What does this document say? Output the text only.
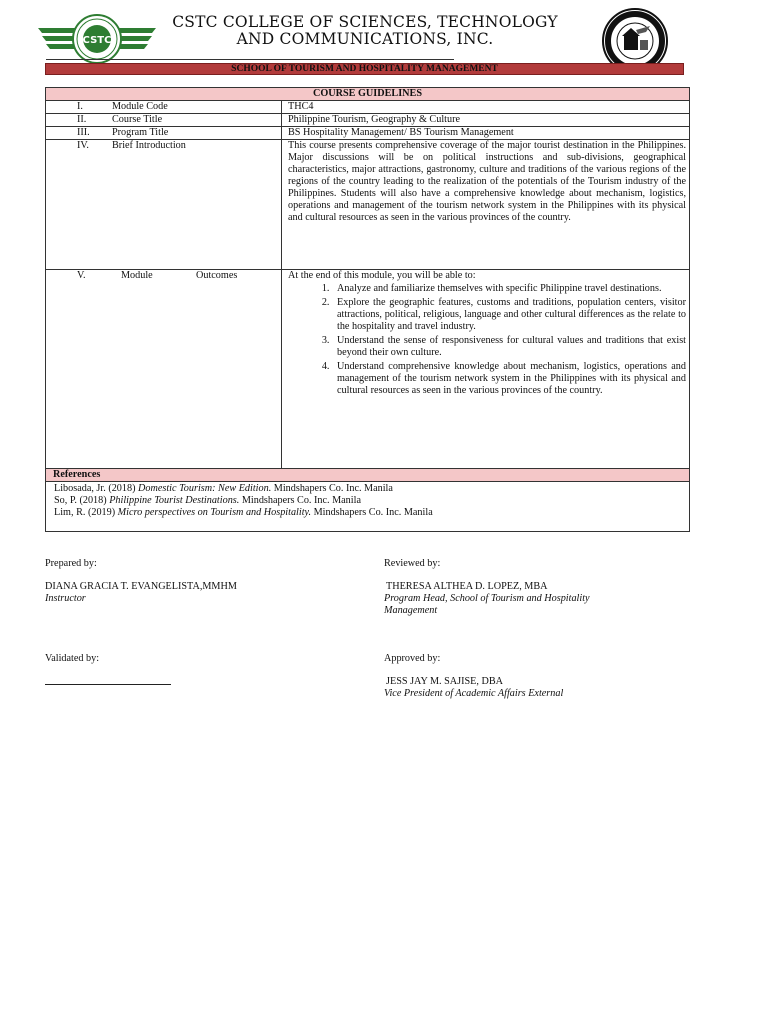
CSTC
CSTC COLLEGE OF SCIENCES, TECHNOLOGY
AND COMMUNICATIONS, INC.
SCHOOL OF TOURISM AND HOSPITALITY MANAGEMENT
COURSE GUIDELINES
I.	Module Code	THC4
II.	Course Title	Philippine Tourism, Geography & Culture
III.	Program Title	BS Hospitality Management/ BS Tourism Management
IV.	Brief Introduction	This course presents comprehensive coverage of the major tourist destination in the Philippines. Major discussions will be on political instructions and sub-divisions, geographical characteristics, major attractions, gastronomy, culture and traditions of the various regions of the regions of the country leading to the realization of the potentials of the Tourism industry of the Philippines. Students will also have a comprehensive knowledge about mechanism, logistics, operations and management of the tourism network system in the Philippines with its physical and cultural resources as seen in the various provinces of the country.
V.	Module	Outcomes	At the end of this module, you will be able to:
1. Analyze and familiarize themselves with specific Philippine travel destinations.
2. Explore the geographic features, customs and traditions, population centers, visitor attractions, political, religious, language and other cultural differences as the relate to the hospitality and travel industry.
3. Understand the sense of responsiveness for cultural values and traditions that exist beyond their own culture.
4. Understand comprehensive knowledge about mechanism, logistics, operations and management of the tourism network system in the Philippines with its physical and cultural resources as seen in the various provinces of the country.
References
Libosada, Jr. (2018) Domestic Tourism: New Edition. Mindshapers Co. Inc. Manila
So, P. (2018) Philippine Tourist Destinations. Mindshapers Co. Inc. Manila
Lim, R. (2019) Micro perspectives on Tourism and Hospitality. Mindshapers Co. Inc. Manila
Prepared by:
DIANA GRACIA T. EVANGELISTA,MMHM
Instructor
Reviewed by:
THERESA ALTHEA D. LOPEZ, MBA
Program Head, School of Tourism and Hospitality
Management
Validated by:	Approved by:
JESS JAY M. SAJISE, DBA
Vice President of Academic Affairs External
